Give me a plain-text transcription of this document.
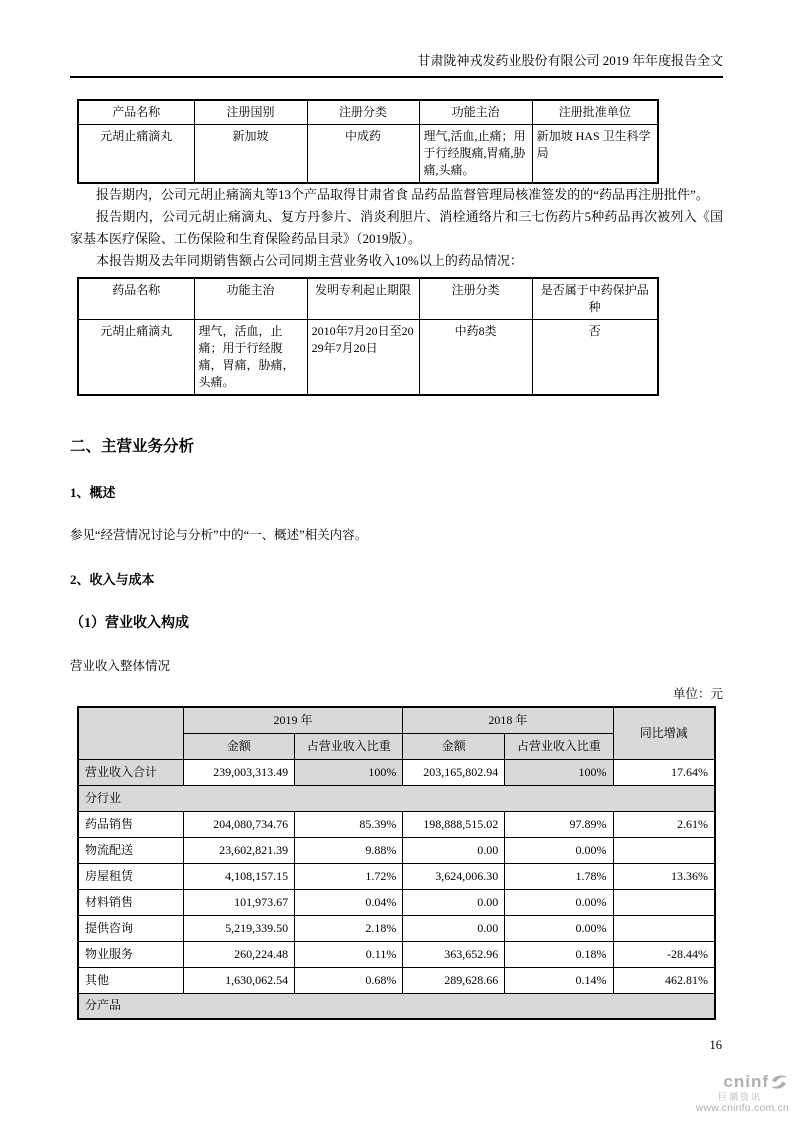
甘肃陇神戎发药业股份有限公司 2019 年年度报告全文
产品名称	注册国别	注册分类	功能主治	注册批准单位
元胡止痛滴丸	新加坡	中成药	理气,活血,止痛；用于行经腹痛,胃痛,胁痛,头痛。	新加坡 HAS 卫生科学局

报告期内，公司元胡止痛滴丸等13个产品取得甘肃省食 品药品监督管理局核准签发的的“药品再注册批件”。

报告期内，公司元胡止痛滴丸、复方丹参片、消炎利胆片、消栓通络片和三七伤药片5种药品再次被列入《国家基本医疗保险、工伤保险和生育保险药品目录》（2019版）。

本报告期及去年同期销售额占公司同期主营业务收入10%以上的药品情况：

药品名称	功能主治	发明专利起止期限	注册分类	是否属于中药保护品种
元胡止痛滴丸	理气，活血，止痛；用于行经腹痛，胃痛，胁痛，头痛。	2010年7月20日至2029年7月20日	中药8类	否
二、主营业务分析
1、概述

参见“经营情况讨论与分析”中的“一、概述”相关内容。

2、收入与成本
（1）营业收入构成

营业收入整体情况

单位：元

	2019 年		2018 年		同比增减
	金额	占营业收入比重	金额	占营业收入比重	
营业收入合计	239,003,313.49	100%	203,165,802.94	100%	17.64%
分行业					
药品销售	204,080,734.76	85.39%	198,888,515.02	97.89%	2.61%
物流配送	23,602,821.39	9.88%	0.00	0.00%	
房屋租赁	4,108,157.15	1.72%	3,624,006.30	1.78%	13.36%
材料销售	101,973.67	0.04%	0.00	0.00%	
提供咨询	5,219,339.50	2.18%	0.00	0.00%	
物业服务	260,224.48	0.11%	363,652.96	0.18%	-28.44%
其他	1,630,062.54	0.68%	289,628.66	0.14%	462.81%
分产品					
16
cninf
巨潮资讯
www.cninfo.com.cn
